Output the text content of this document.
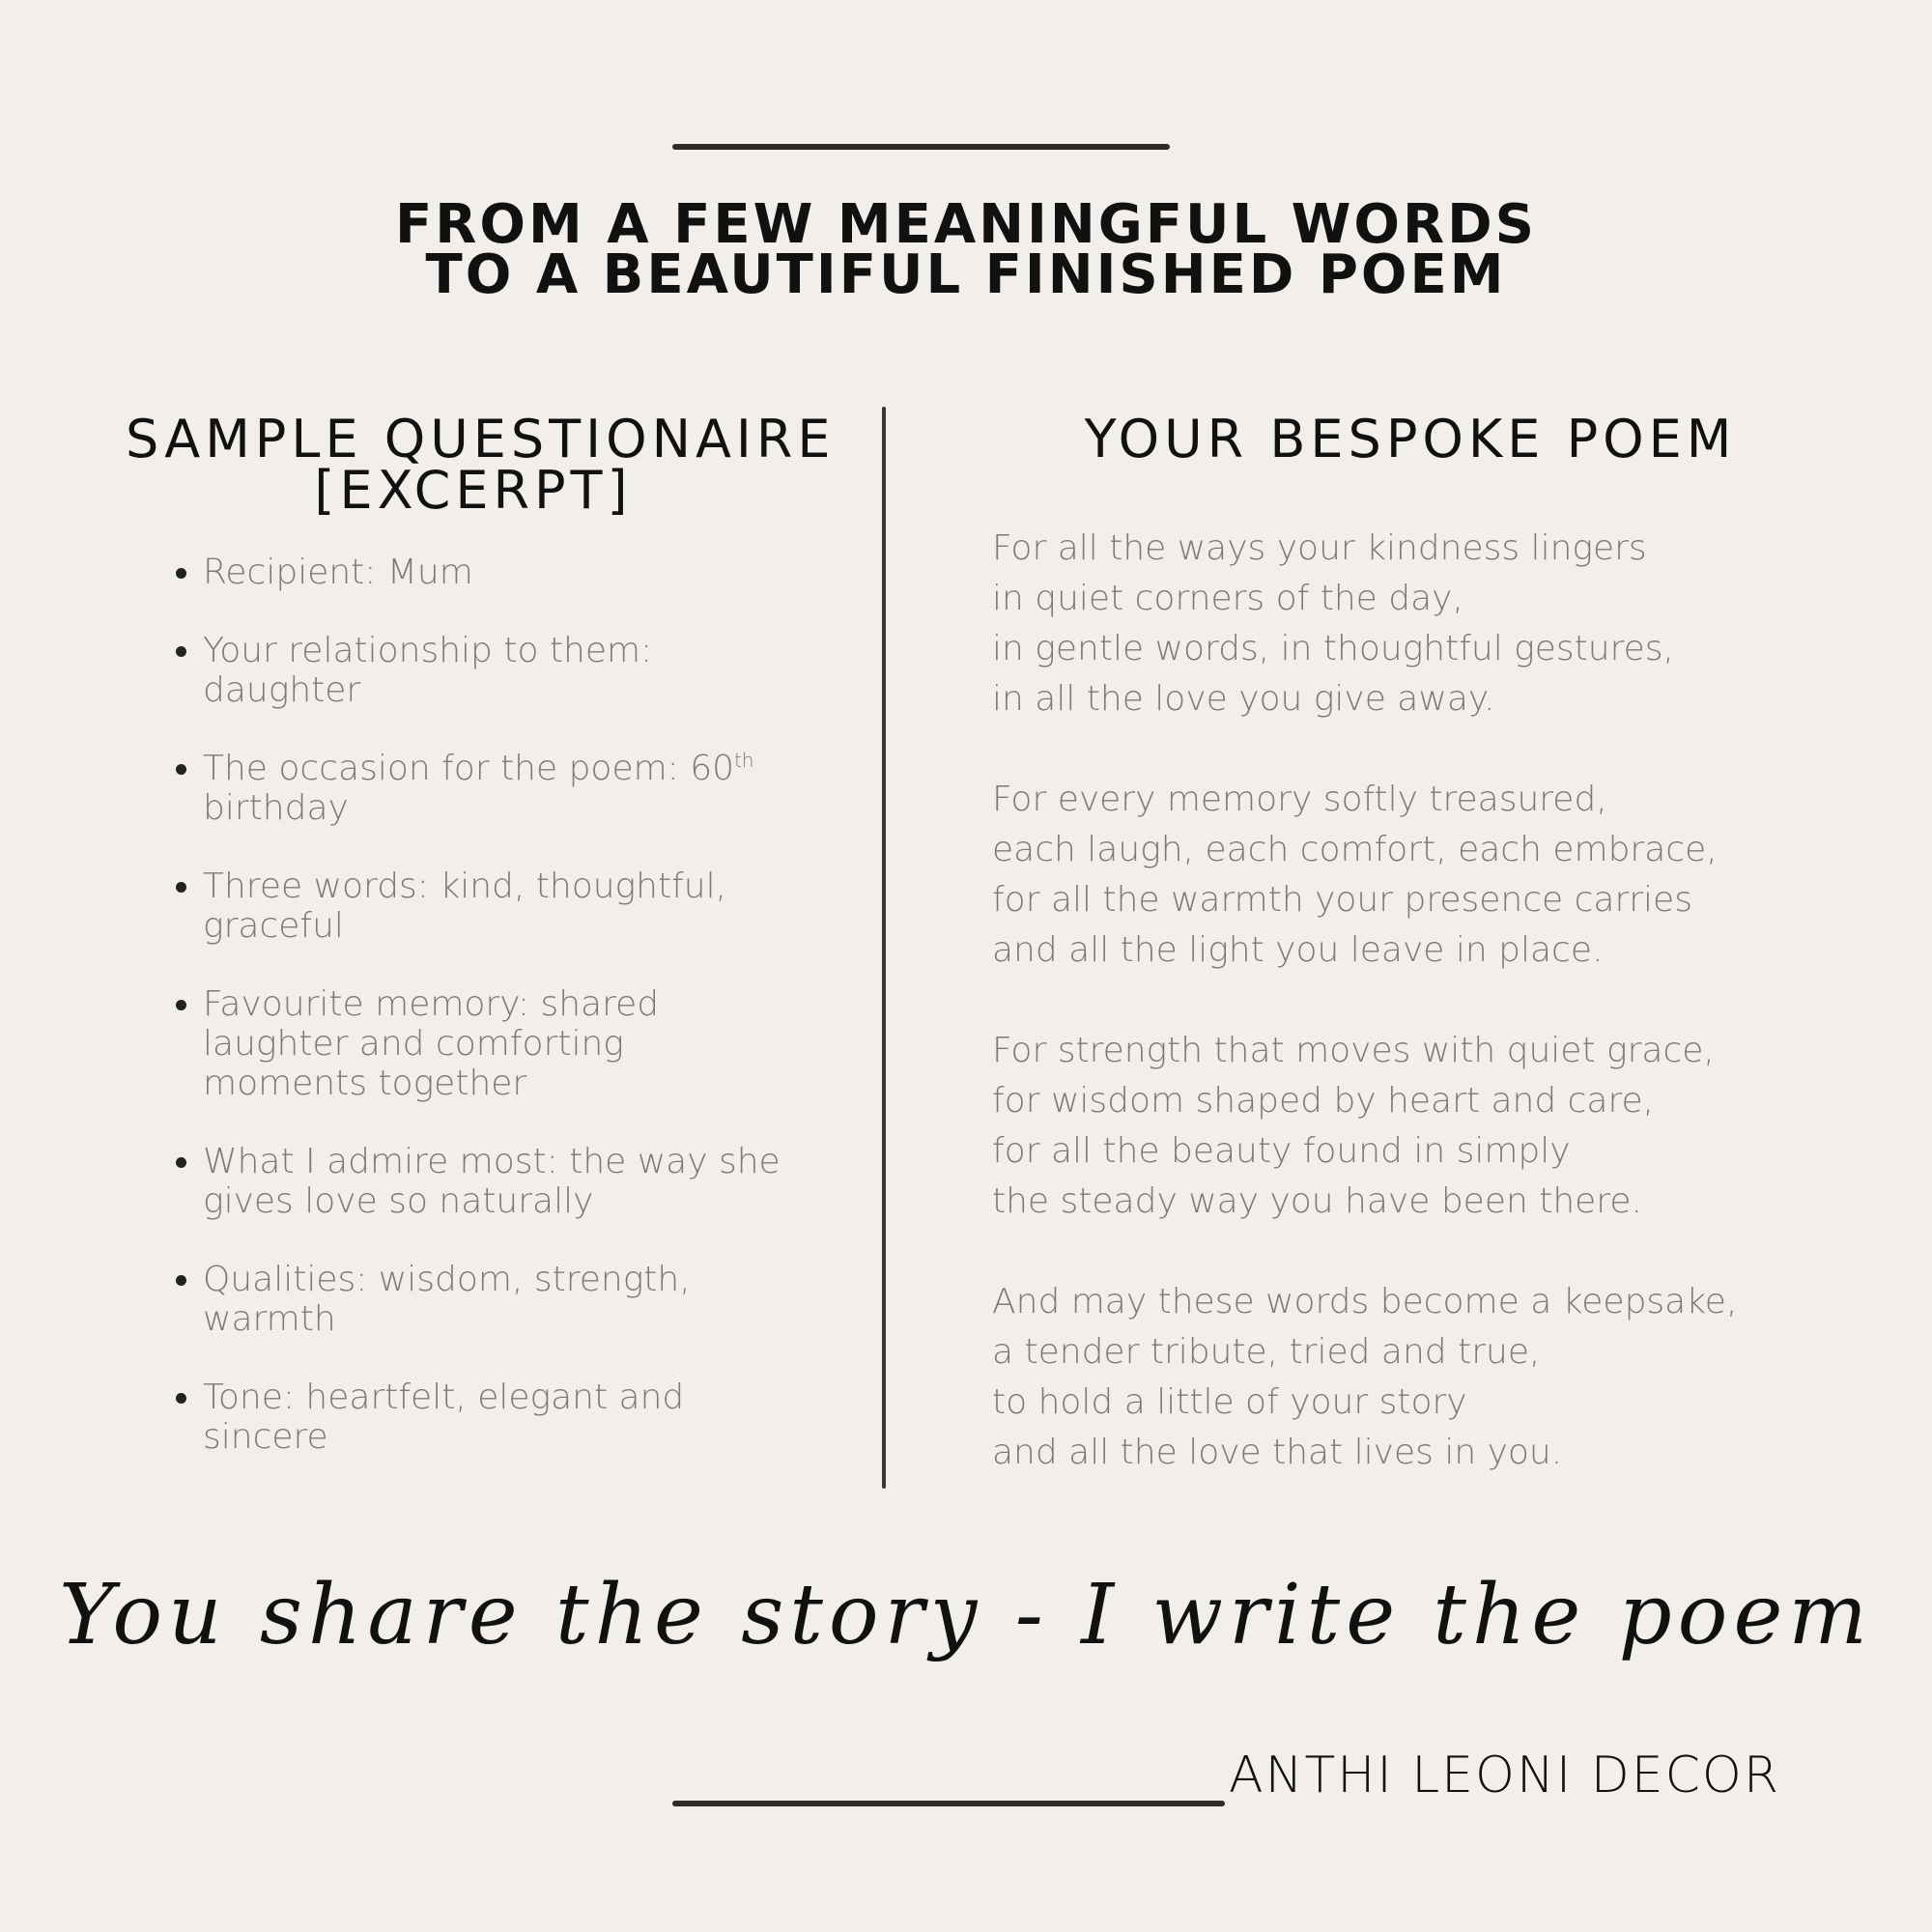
FROM A FEW MEANINGFUL WORDS
TO A BEAUTIFUL FINISHED POEM
SAMPLE QUESTIONAIRE
[EXCERPT]
YOUR BESPOKE POEM
Recipient: Mum
Your relationship to them:
daughter
The occasion for the poem: 60th
birthday
Three words: kind, thoughtful,
graceful
Favourite memory: shared
laughter and comforting
moments together
What I admire most: the way she
gives love so naturally
Qualities: wisdom, strength,
warmth
Tone: heartfelt, elegant and
sincere
For all the ways your kindness lingers
in quiet corners of the day,
in gentle words, in thoughtful gestures,
in all the love you give away.
For every memory softly treasured,
each laugh, each comfort, each embrace,
for all the warmth your presence carries
and all the light you leave in place.
For strength that moves with quiet grace,
for wisdom shaped by heart and care,
for all the beauty found in simply
the steady way you have been there.
And may these words become a keepsake,
a tender tribute, tried and true,
to hold a little of your story
and all the love that lives in you.
You share the story - I write the poem
ANTHI LEONI DECOR
